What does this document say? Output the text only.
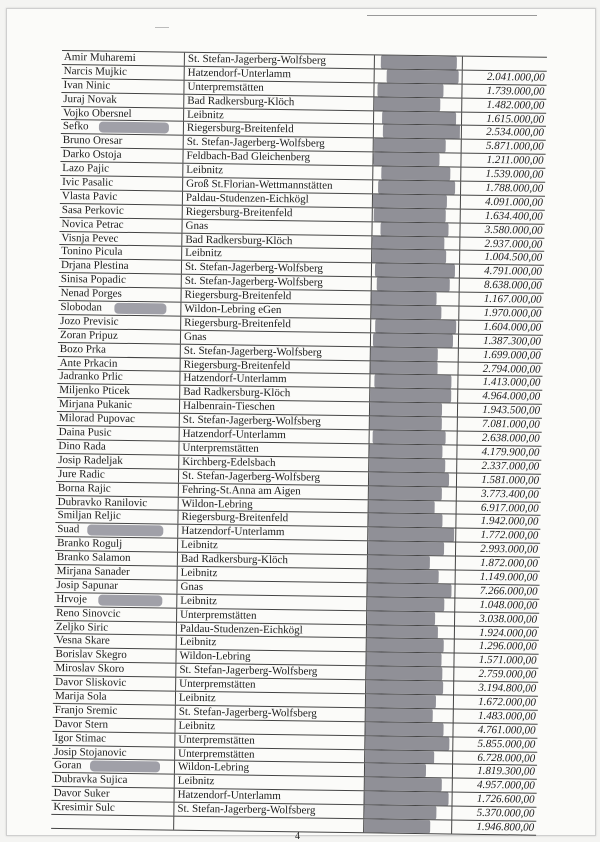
Amir Muharemi	St. Stefan-Jagerberg-Wolfsberg
Narcis Mujkic	Hatzendorf-Unterlamm	2.041.000,00
Ivan Ninic	Unterpremstätten	1.739.000,00
Juraj Novak	Bad Radkersburg-Klöch	1.482.000,00
Vojko Obersnel	Leibnitz	1.615.000,00
Sefko	Riegersburg-Breitenfeld	2.534.000,00
Bruno Oresar	St. Stefan-Jagerberg-Wolfsberg	5.871.000,00
Darko Ostoja	Feldbach-Bad Gleichenberg	1.211.000,00
Lazo Pajic	Leibnitz	1.539.000,00
Ivic Pasalic	Groß St.Florian-Wettmannstätten	1.788.000,00
Vlasta Pavic	Paldau-Studenzen-Eichkögl	4.091.000,00
Sasa Perkovic	Riegersburg-Breitenfeld	1.634.400,00
Novica Petrac	Gnas	3.580.000,00
Visnja Pevec	Bad Radkersburg-Klöch	2.937.000,00
Tonino Picula	Leibnitz	1.004.500,00
Drjana Plestina	St. Stefan-Jagerberg-Wolfsberg	4.791.000,00
Sinisa Popadic	St. Stefan-Jagerberg-Wolfsberg	8.638.000,00
Nenad Porges	Riegersburg-Breitenfeld	1.167.000,00
Slobodan	Wildon-Lebring eGen	1.970.000,00
Jozo Previsic	Riegersburg-Breitenfeld	1.604.000,00
Zoran Pripuz	Gnas	1.387.300,00
Bozo Prka	St. Stefan-Jagerberg-Wolfsberg	1.699.000,00
Ante Prkacin	Riegersburg-Breitenfeld	2.794.000,00
Jadranko Prlic	Hatzendorf-Unterlamm	1.413.000,00
Miljenko Pticek	Bad Radkersburg-Klöch	4.964.000,00
Mirjana Pukanic	Halbenrain-Tieschen	1.943.500,00
Milorad Pupovac	St. Stefan-Jagerberg-Wolfsberg	7.081.000,00
Daina Pusic	Hatzendorf-Unterlamm	2.638.000,00
Dino Rada	Unterpremstätten	4.179.900,00
Josip Radeljak	Kirchberg-Edelsbach	2.337.000,00
Jure Radic	St. Stefan-Jagerberg-Wolfsberg	1.581.000,00
Borna Rajic	Fehring-St.Anna am Aigen	3.773.400,00
Dubravko Ranilovic	Wildon-Lebring	6.917.000,00
Smiljan Reljic	Riegersburg-Breitenfeld	1.942.000,00
Suad	Hatzendorf-Unterlamm	1.772.000,00
Branko Rogulj	Leibnitz	2.993.000,00
Branko Salamon	Bad Radkersburg-Klöch	1.872.000,00
Mirjana Sanader	Leibnitz	1.149.000,00
Josip Sapunar	Gnas	7.266.000,00
Hrvoje	Leibnitz	1.048.000,00
Reno Sinovcic	Unterpremstätten	3.038.000,00
Zeljko Siric	Paldau-Studenzen-Eichkögl	1.924.000,00
Vesna Skare	Leibnitz	1.296.000,00
Borislav Skegro	Wildon-Lebring	1.571.000,00
Miroslav Skoro	St. Stefan-Jagerberg-Wolfsberg	2.759.000,00
Davor Sliskovic	Unterpremstätten	3.194.800,00
Marija Sola	Leibnitz	1.672.000,00
Franjo Sremic	St. Stefan-Jagerberg-Wolfsberg	1.483.000,00
Davor Stern	Leibnitz	4.761.000,00
Igor Stimac	Unterpremstätten	5.855.000,00
Josip Stojanovic	Unterpremstätten	6.728.000,00
Goran	Wildon-Lebring	1.819.300,00
Dubravka Sujica	Leibnitz	4.957.000,00
Davor Suker	Hatzendorf-Unterlamm	1.726.600,00
Kresimir Sulc	St. Stefan-Jagerberg-Wolfsberg	5.370.000,00
1.946.800,00
4
